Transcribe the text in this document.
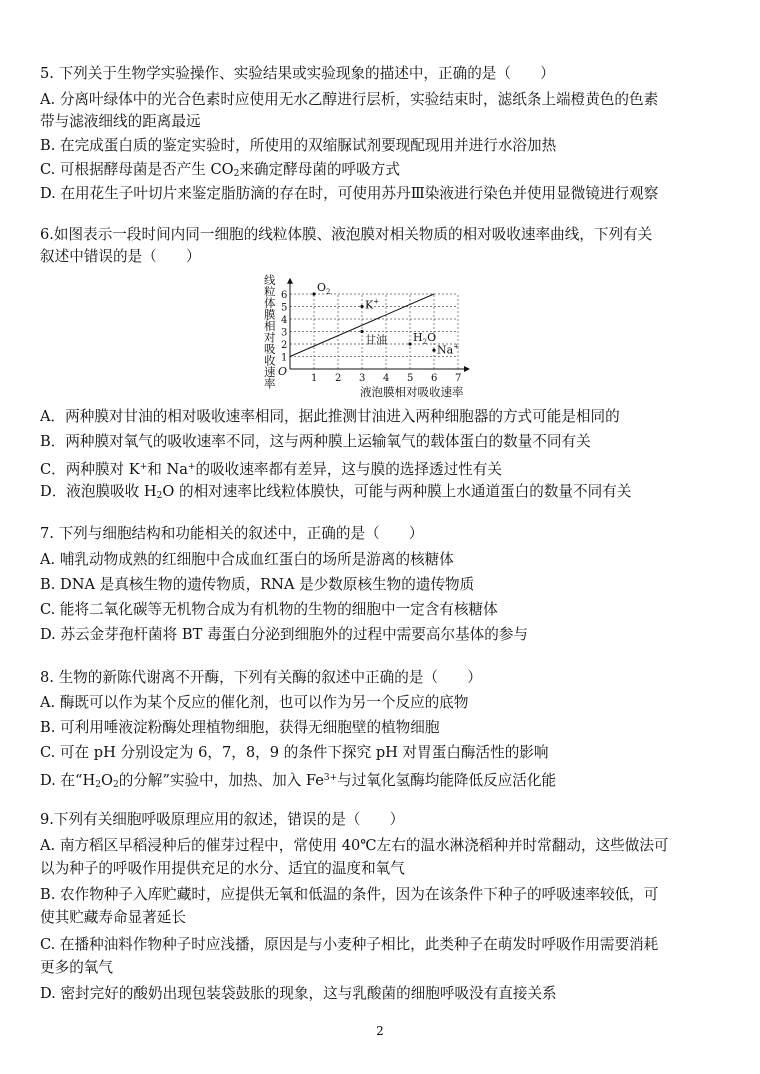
5. 下列关于生物学实验操作、实验结果或实验现象的描述中，正确的是（　　）
A. 分离叶绿体中的光合色素时应使用无水乙醇进行层析，实验结束时，滤纸条上端橙黄色的色素
带与滤液细线的距离最远
B. 在完成蛋白质的鉴定实验时，所使用的双缩脲试剂要现配现用并进行水浴加热
C. 可根据酵母菌是否产生 $CO_2$来确定酵母菌的呼吸方式
D. 在用花生子叶切片来鉴定脂肪滴的存在时，可使用苏丹Ⅲ染液进行染色并使用显微镜进行观察
6.如图表示一段时间内同一细胞的线粒体膜、液泡膜对相关物质的相对吸收速率曲线，下列有关
叙述中错误的是（　　）
1 2 3 4 5 6 7
1
2
3
4
5
6
线
粒
体
膜
相
对
吸
收
速
率
$O_2$
K+
甘油 $H_2O$
Na+
液泡膜相对吸收速率
O
A．两种膜对甘油的相对吸收速率相同，据此推测甘油进入两种细胞器的方式可能是相同的
B．两种膜对氧气的吸收速率不同，这与两种膜上运输氧气的载体蛋白的数量不同有关
C．两种膜对 K+和 Na+的吸收速率都有差异，这与膜的选择透过性有关
D．液泡膜吸收 $H_2O$ 的相对速率比线粒体膜快，可能与两种膜上水通道蛋白的数量不同有关
7. 下列与细胞结构和功能相关的叙述中，正确的是（　　）
A. 哺乳动物成熟的红细胞中合成血红蛋白的场所是游离的核糖体
B. DNA 是真核生物的遗传物质，RNA 是少数原核生物的遗传物质
C. 能将二氧化碳等无机物合成为有机物的生物的细胞中一定含有核糖体
D. 苏云金芽孢杆菌将 BT 毒蛋白分泌到细胞外的过程中需要高尔基体的参与
8. 生物的新陈代谢离不开酶，下列有关酶的叙述中正确的是（　　）
A. 酶既可以作为某个反应的催化剂，也可以作为另一个反应的底物
B. 可利用唾液淀粉酶处理植物细胞，获得无细胞壁的植物细胞
C. 可在 pH 分别设定为 6，7，8，9 的条件下探究 pH 对胃蛋白酶活性的影响
D. 在“$H_2O_2$的分解”实验中，加热、加入 $Fe^{3+}$与过氧化氢酶均能降低反应活化能
9.下列有关细胞呼吸原理应用的叙述，错误的是（　　）
A. 南方稻区早稻浸种后的催芽过程中，常使用 40℃左右的温水淋浇稻种并时常翻动，这些做法可
以为种子的呼吸作用提供充足的水分、适宜的温度和氧气
B. 农作物种子入库贮藏时，应提供无氧和低温的条件，因为在该条件下种子的呼吸速率较低，可
使其贮藏寿命显著延长
C. 在播种油料作物种子时应浅播，原因是与小麦种子相比，此类种子在萌发时呼吸作用需要消耗
更多的氧气
D. 密封完好的酸奶出现包装袋鼓胀的现象，这与乳酸菌的细胞呼吸没有直接关系
2
